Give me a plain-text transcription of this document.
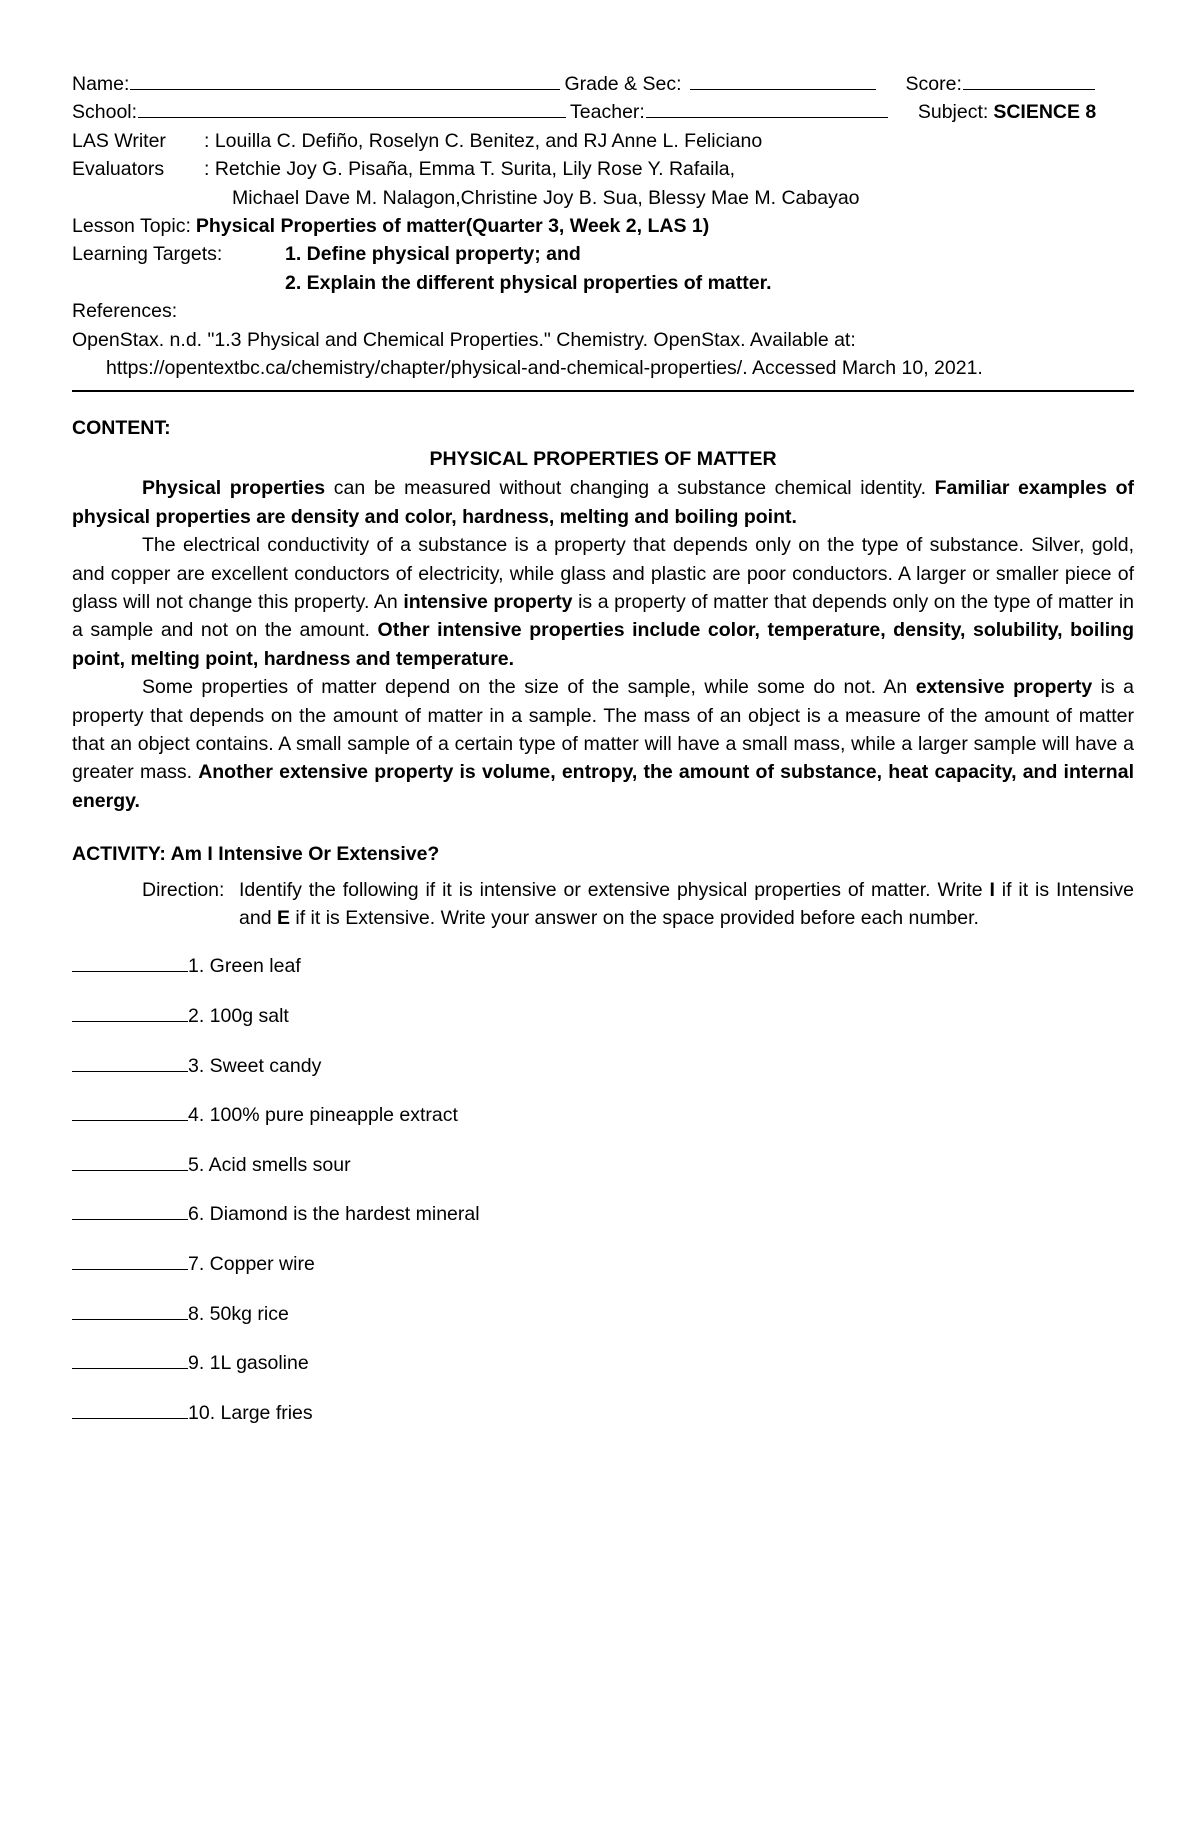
Name:	Grade & Sec:	Score:
School:	Teacher:	Subject: SCIENCE 8
LAS Writer	: Louilla C. Defiño, Roselyn C. Benitez, and RJ Anne L. Feliciano
Evaluators	: Retchie Joy G. Pisaña, Emma T. Surita, Lily Rose Y. Rafaila,
Michael Dave M. Nalagon,Christine Joy B. Sua, Blessy Mae M. Cabayao
Lesson Topic: Physical Properties of matter(Quarter 3, Week 2, LAS 1)
Learning Targets:	1. Define physical property; and
2. Explain the different physical properties of matter.
References:
OpenStax. n.d. "1.3 Physical and Chemical Properties." Chemistry. OpenStax. Available at:
https://opentextbc.ca/chemistry/chapter/physical-and-chemical-properties/. Accessed March 10, 2021.
CONTENT:
PHYSICAL PROPERTIES OF MATTER

Physical properties can be measured without changing a substance chemical identity. Familiar examples of physical properties are density and color, hardness, melting and boiling point.

The electrical conductivity of a substance is a property that depends only on the type of substance. Silver, gold, and copper are excellent conductors of electricity, while glass and plastic are poor conductors. A larger or smaller piece of glass will not change this property. An intensive property is a property of matter that depends only on the type of matter in a sample and not on the amount. Other intensive properties include color, temperature, density, solubility, boiling point, melting point, hardness and temperature.

Some properties of matter depend on the size of the sample, while some do not. An extensive property is a property that depends on the amount of matter in a sample. The mass of an object is a measure of the amount of matter that an object contains. A small sample of a certain type of matter will have a small mass, while a larger sample will have a greater mass. Another extensive property is volume, entropy, the amount of substance, heat capacity, and internal energy.

ACTIVITY: Am I Intensive Or Extensive?
Direction: Identify the following if it is intensive or extensive physical properties of matter. Write I if it is Intensive and E if it is Extensive. Write your answer on the space provided before each number.
1. Green leaf
2. 100g salt
3. Sweet candy
4. 100% pure pineapple extract
5. Acid smells sour
6. Diamond is the hardest mineral
7. Copper wire
8. 50kg rice
9. 1L gasoline
10. Large fries
